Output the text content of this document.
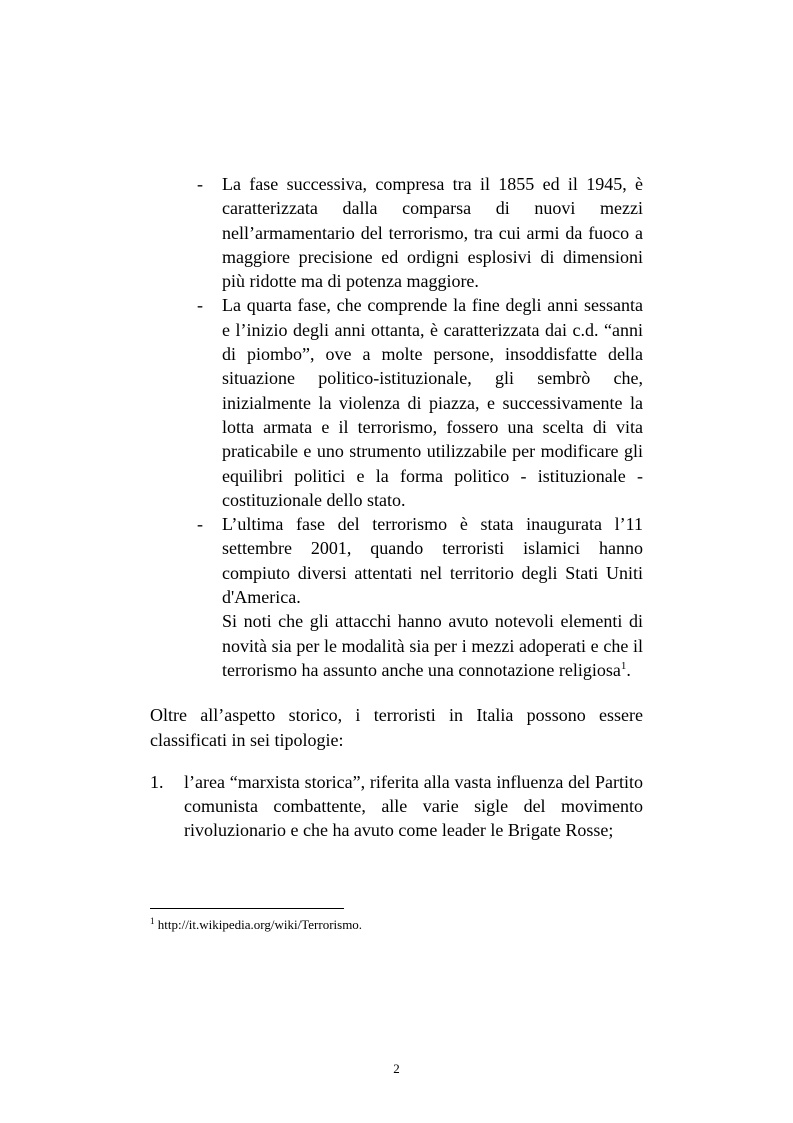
- La fase successiva, compresa tra il 1855 ed il 1945, è caratterizzata dalla comparsa di nuovi mezzi nell’armamentario del terrorismo, tra cui armi da fuoco a maggiore precisione ed ordigni esplosivi di dimensioni più ridotte ma di potenza maggiore.
- La quarta fase, che comprende la fine degli anni sessanta e l’inizio degli anni ottanta, è caratterizzata dai c.d. “anni di piombo”, ove a molte persone, insoddisfatte della situazione politico-istituzionale, gli sembrò che, inizialmente la violenza di piazza, e successivamente la lotta armata e il terrorismo, fossero una scelta di vita praticabile e uno strumento utilizzabile per modificare gli equilibri politici e la forma politico - istituzionale - costituzionale dello stato.
- L’ultima fase del terrorismo è stata inaugurata l’11 settembre 2001, quando terroristi islamici hanno compiuto diversi attentati nel territorio degli Stati Uniti d'America.
Si noti che gli attacchi hanno avuto notevoli elementi di novità sia per le modalità sia per i mezzi adoperati e che il terrorismo ha assunto anche una connotazione religiosa$^1$.

Oltre all’aspetto storico, i terroristi in Italia possono essere classificati in sei tipologie:

1. l’area “marxista storica”, riferita alla vasta influenza del Partito comunista combattente, alle varie sigle del movimento rivoluzionario e che ha avuto come leader le Brigate Rosse;
$^1$ http://it.wikipedia.org/wiki/Terrorismo.
2
